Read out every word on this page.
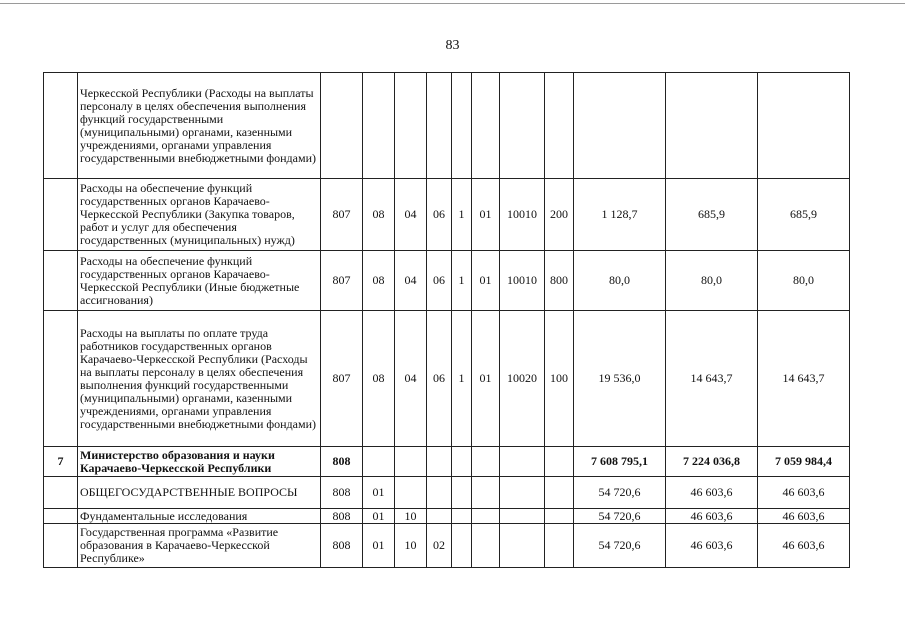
83
	Черкесской Республики (Расходы на выплаты персоналу в целях обеспечения выполнения функций государственными (муниципальными) органами, казенными учреждениями, органами управления государственными внебюджетными фондами)											
	Расходы на обеспечение функций государственных органов Карачаево-Черкесской Республики (Закупка товаров, работ и услуг для обеспечения государственных (муниципальных) нужд)	807	08	04	06	1	01	10010	200	1 128,7	685,9	685,9
	Расходы на обеспечение функций государственных органов Карачаево-Черкесской Республики (Иные бюджетные ассигнования)	807	08	04	06	1	01	10010	800	80,0	80,0	80,0
	Расходы на выплаты по оплате труда работников государственных органов Карачаево-Черкесской Республики (Расходы на выплаты персоналу в целях обеспечения выполнения функций государственными (муниципальными) органами, казенными учреждениями, органами управления государственными внебюджетными фондами)	807	08	04	06	1	01	10020	100	19 536,0	14 643,7	14 643,7
7	Министерство образования и науки Карачаево-Черкесской Республики	808								7 608 795,1	7 224 036,8	7 059 984,4
	ОБЩЕГОСУДАРСТВЕННЫЕ ВОПРОСЫ	808	01							54 720,6	46 603,6	46 603,6
	Фундаментальные исследования	808	01	10						54 720,6	46 603,6	46 603,6
	Государственная программа «Развитие образования в Карачаево-Черкесской Республике»	808	01	10	02					54 720,6	46 603,6	46 603,6
